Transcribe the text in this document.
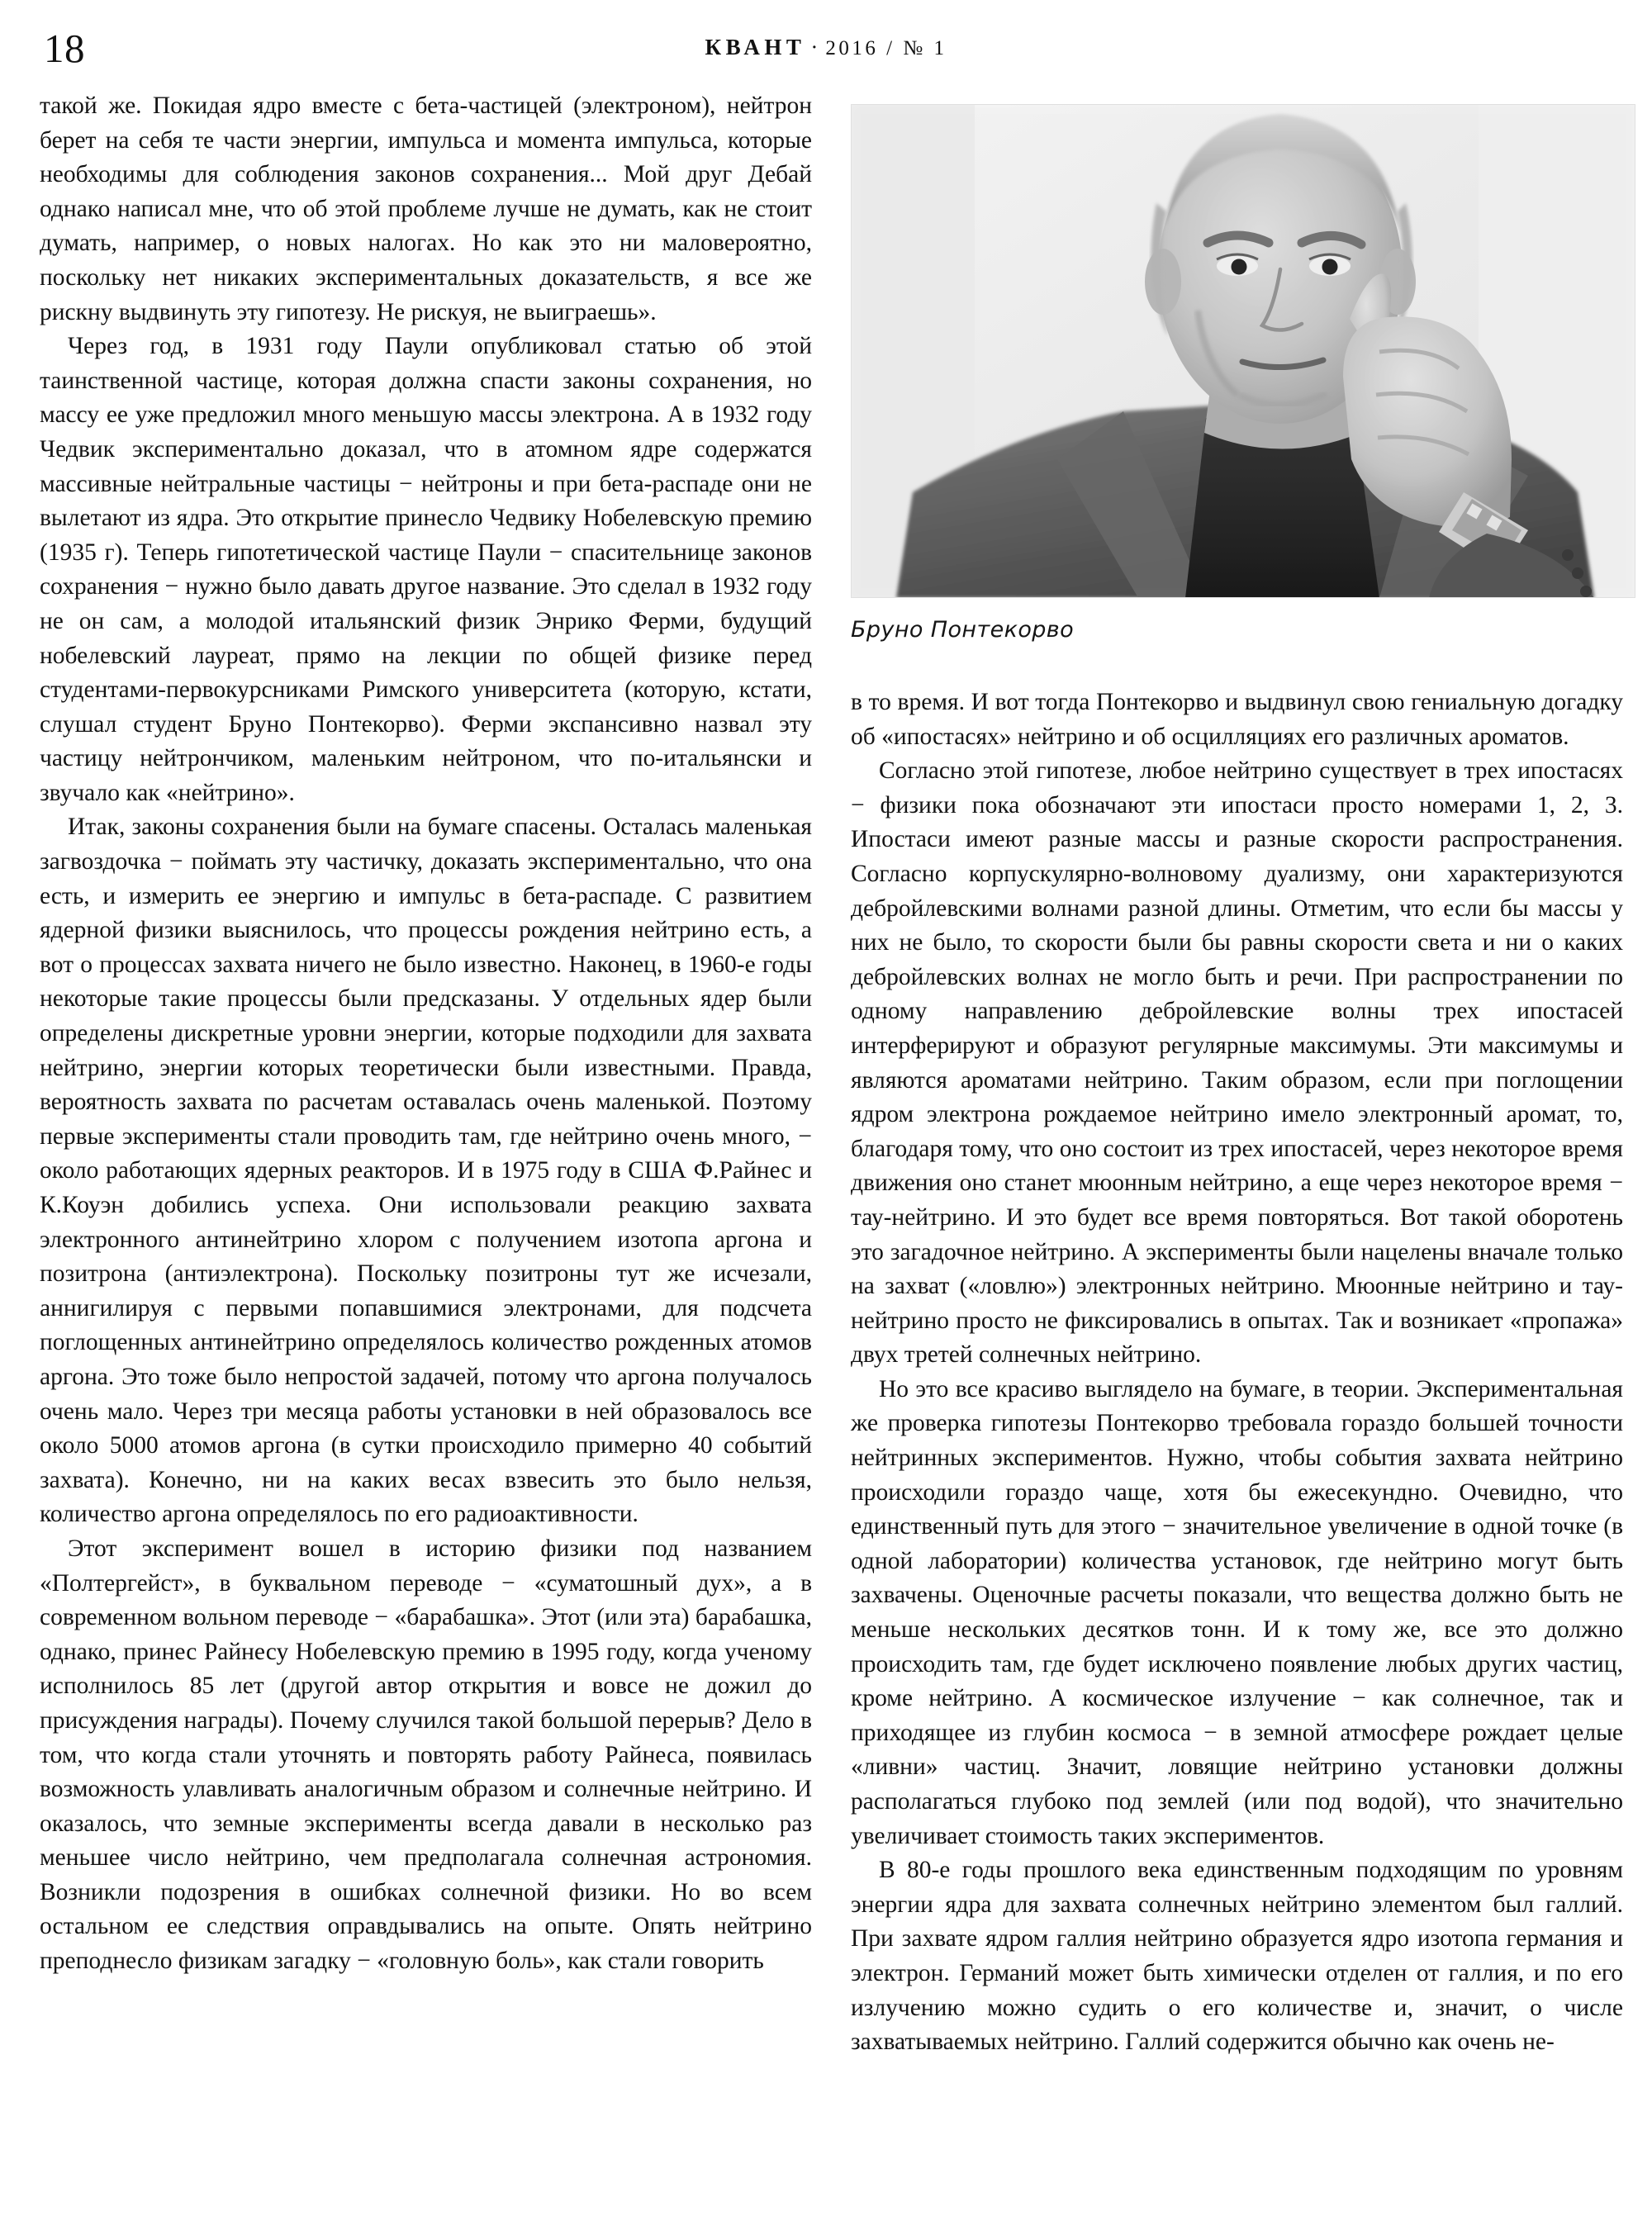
18	КВАНТ · 2016 / № 1

такой же. Покидая ядро вместе с бета-частицей (электроном), нейтрон берет на себя те части энергии, импульса и момента импульса, которые необходимы для соблюдения законов сохранения... Мой друг Дебай однако написал мне, что об этой проблеме лучше не думать, как не стоит думать, например, о новых налогах. Но как это ни маловероятно, поскольку нет никаких экспериментальных доказательств, я все же рискну выдвинуть эту гипотезу. Не рискуя, не выиграешь».

Через год, в 1931 году Паули опубликовал статью об этой таинственной частице, которая должна спасти законы сохранения, но массу ее уже предложил много меньшую массы электрона. А в 1932 году Чедвик экспериментально доказал, что в атомном ядре содержатся массивные нейтральные частицы − нейтроны и при бета-распаде они не вылетают из ядра. Это открытие принесло Чедвику Нобелевскую премию (1935 г). Теперь гипотетической частице Паули − спасительнице законов сохранения − нужно было давать другое название. Это сделал в 1932 году не он сам, а молодой итальянский физик Энрико Ферми, будущий нобелевский лауреат, прямо на лекции по общей физике перед студентами-первокурсниками Римского университета (которую, кстати, слушал студент Бруно Понтекорво). Ферми экспансивно назвал эту частицу нейтрончиком, маленьким нейтроном, что по-итальянски и звучало как «нейтрино».

Итак, законы сохранения были на бумаге спасены. Осталась маленькая загвоздочка − поймать эту частичку, доказать экспериментально, что она есть, и измерить ее энергию и импульс в бета-распаде. С развитием ядерной физики выяснилось, что процессы рождения нейтрино есть, а вот о процессах захвата ничего не было известно. Наконец, в 1960-е годы некоторые такие процессы были предсказаны. У отдельных ядер были определены дискретные уровни энергии, которые подходили для захвата нейтрино, энергии которых теоретически были известными. Правда, вероятность захвата по расчетам оставалась очень маленькой. Поэтому первые эксперименты стали проводить там, где нейтрино очень много, − около работающих ядерных реакторов. И в 1975 году в США Ф.Райнес и К.Коуэн добились успеха. Они использовали реакцию захвата электронного антинейтрино хлором с получением изотопа аргона и позитрона (антиэлектрона). Поскольку позитроны тут же исчезали, аннигилируя с первыми попавшимися электронами, для подсчета поглощенных антинейтрино определялось количество рожденных атомов аргона. Это тоже было непростой задачей, потому что аргона получалось очень мало. Через три месяца работы установки в ней образовалось все около 5000 атомов аргона (в сутки происходило примерно 40 событий захвата). Конечно, ни на каких весах взвесить это было нельзя, количество аргона определялось по его радиоактивности.

Этот эксперимент вошел в историю физики под названием «Полтергейст», в буквальном переводе − «суматошный дух», а в современном вольном переводе − «барабашка». Этот (или эта) барабашка, однако, принес Райнесу Нобелевскую премию в 1995 году, когда ученому исполнилось 85 лет (другой автор открытия и вовсе не дожил до присуждения награды). Почему случился такой большой перерыв? Дело в том, что когда стали уточнять и повторять работу Райнеса, появилась возможность улавливать аналогичным образом и солнечные нейтрино. И оказалось, что земные эксперименты всегда давали в несколько раз меньшее число нейтрино, чем предполагала солнечная астрономия. Возникли подозрения в ошибках солнечной физики. Но во всем остальном ее следствия оправдывались на опыте. Опять нейтрино преподнесло физикам загадку − «головную боль», как стали говорить

Бруно Понтекорво

в то время. И вот тогда Понтекорво и выдвинул свою гениальную догадку об «ипостасях» нейтрино и об осцилляциях его различных ароматов.

Согласно этой гипотезе, любое нейтрино существует в трех ипостасях − физики пока обозначают эти ипостаси просто номерами 1, 2, 3. Ипостаси имеют разные массы и разные скорости распространения. Согласно корпускулярно-волновому дуализму, они характеризуются дебройлевскими волнами разной длины. Отметим, что если бы массы у них не было, то скорости были бы равны скорости света и ни о каких дебройлевских волнах не могло быть и речи. При распространении по одному направлению дебройлевские волны трех ипостасей интерферируют и образуют регулярные максимумы. Эти максимумы и являются ароматами нейтрино. Таким образом, если при поглощении ядром электрона рождаемое нейтрино имело электронный аромат, то, благодаря тому, что оно состоит из трех ипостасей, через некоторое время движения оно станет мюонным нейтрино, а еще через некоторое время − тау-нейтрино. И это будет все время повторяться. Вот такой оборотень это загадочное нейтрино. А эксперименты были нацелены вначале только на захват («ловлю») электронных нейтрино. Мюонные нейтрино и тау-нейтрино просто не фиксировались в опытах. Так и возникает «пропажа» двух третей солнечных нейтрино.

Но это все красиво выглядело на бумаге, в теории. Экспериментальная же проверка гипотезы Понтекорво требовала гораздо большей точности нейтринных экспериментов. Нужно, чтобы события захвата нейтрино происходили гораздо чаще, хотя бы ежесекундно. Очевидно, что единственный путь для этого − значительное увеличение в одной точке (в одной лаборатории) количества установок, где нейтрино могут быть захвачены. Оценочные расчеты показали, что вещества должно быть не меньше нескольких десятков тонн. И к тому же, все это должно происходить там, где будет исключено появление любых других частиц, кроме нейтрино. А космическое излучение − как солнечное, так и приходящее из глубин космоса − в земной атмосфере рождает целые «ливни» частиц. Значит, ловящие нейтрино установки должны располагаться глубоко под землей (или под водой), что значительно увеличивает стоимость таких экспериментов.

В 80-е годы прошлого века единственным подходящим по уровням энергии ядра для захвата солнечных нейтрино элементом был галлий. При захвате ядром галлия нейтрино образуется ядро изотопа германия и электрон. Германий может быть химически отделен от галлия, и по его излучению можно судить о его количестве и, значит, о числе захватываемых нейтрино. Галлий содержится обычно как очень не-
